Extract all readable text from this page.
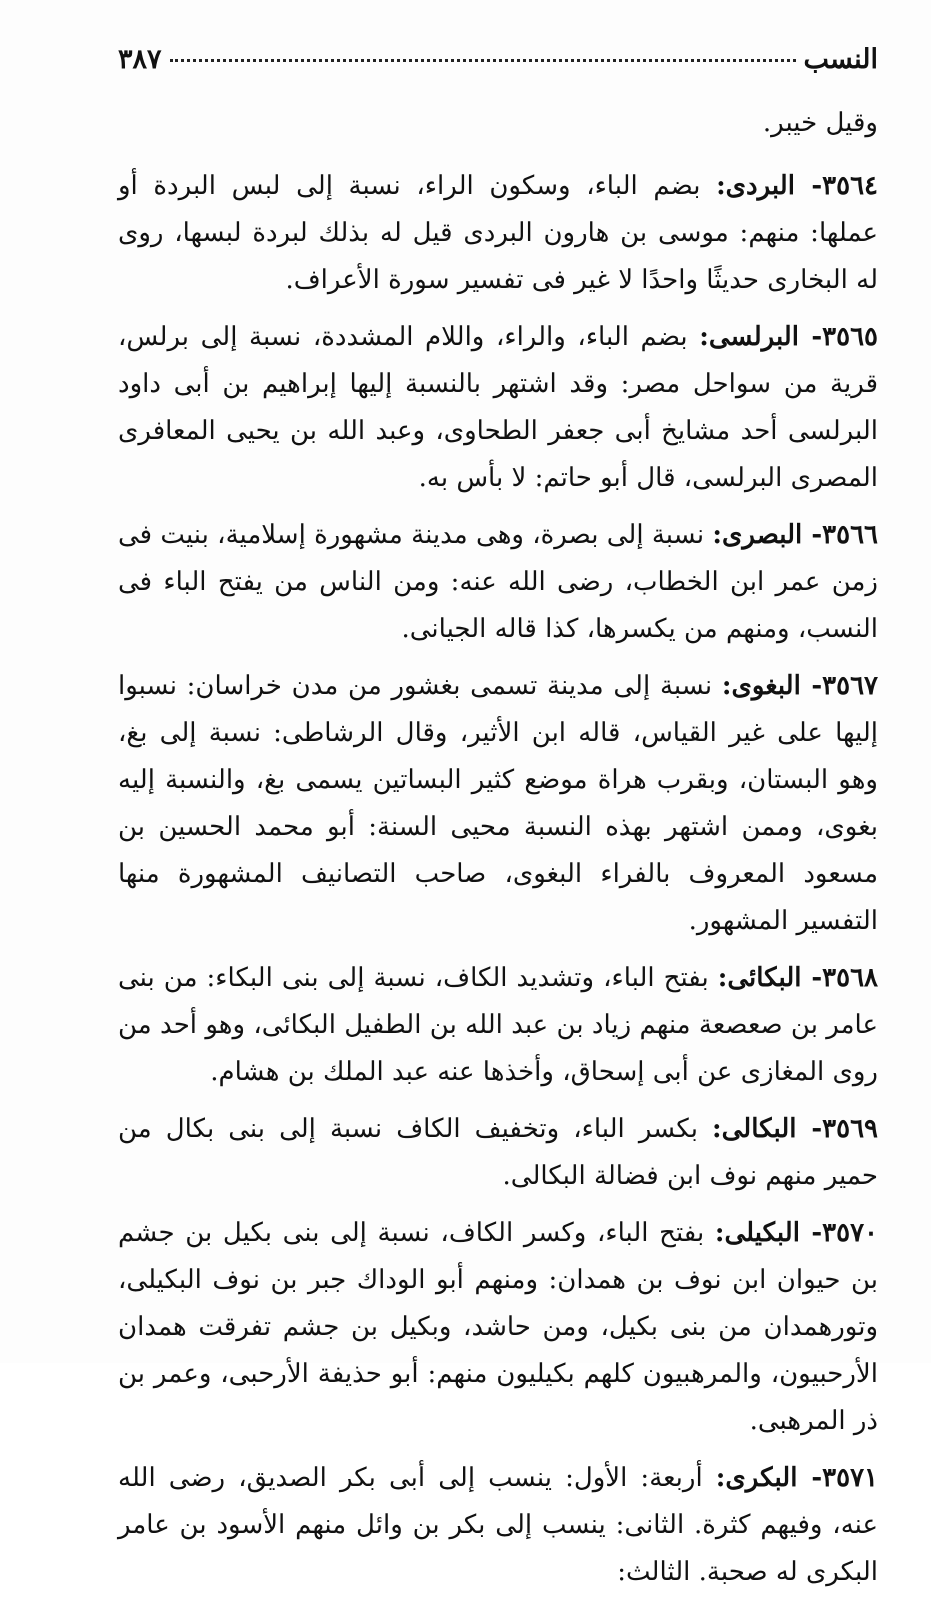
النسب
٣٨٧

وقيل خيبر.

٣٥٦٤- البردى: بضم الباء، وسكون الراء، نسبة إلى لبس البردة أو عملها: منهم: موسى بن هارون البردى قيل له بذلك لبردة لبسها، روى له البخارى حديثًا واحدًا لا غير فى تفسير سورة الأعراف.

٣٥٦٥- البرلسى: بضم الباء، والراء، واللام المشددة، نسبة إلى برلس، قرية من سواحل مصر: وقد اشتهر بالنسبة إليها إبراهيم بن أبى داود البرلسى أحد مشايخ أبى جعفر الطحاوى، وعبد الله بن يحيى المعافرى المصرى البرلسى، قال أبو حاتم: لا بأس به.

٣٥٦٦- البصرى: نسبة إلى بصرة، وهى مدينة مشهورة إسلامية، بنيت فى زمن عمر ابن الخطاب، رضى الله عنه: ومن الناس من يفتح الباء فى النسب، ومنهم من يكسرها، كذا قاله الجيانى.

٣٥٦٧- البغوى: نسبة إلى مدينة تسمى بغشور من مدن خراسان: نسبوا إليها على غير القياس، قاله ابن الأثير، وقال الرشاطى: نسبة إلى بغ، وهو البستان، وبقرب هراة موضع كثير البساتين يسمى بغ، والنسبة إليه بغوى، وممن اشتهر بهذه النسبة محيى السنة: أبو محمد الحسين بن مسعود المعروف بالفراء البغوى، صاحب التصانيف المشهورة منها التفسير المشهور.

٣٥٦٨- البكائى: بفتح الباء، وتشديد الكاف، نسبة إلى بنى البكاء: من بنى عامر بن صعصعة منهم زياد بن عبد الله بن الطفيل البكائى، وهو أحد من روى المغازى عن أبى إسحاق، وأخذها عنه عبد الملك بن هشام.

٣٥٦٩- البكالى: بكسر الباء، وتخفيف الكاف نسبة إلى بنى بكال من حمير منهم نوف ابن فضالة البكالى.

٣٥٧٠- البكيلى: بفتح الباء، وكسر الكاف، نسبة إلى بنى بكيل بن جشم بن حيوان ابن نوف بن همدان: ومنهم أبو الوداك جبر بن نوف البكيلى، وتورهمدان من بنى بكيل، ومن حاشد، وبكيل بن جشم تفرقت همدان الأرحبيون، والمرهبيون كلهم بكيليون منهم: أبو حذيفة الأرحبى، وعمر بن ذر المرهبى.

٣٥٧١- البكرى: أربعة: الأول: ينسب إلى أبى بكر الصديق، رضى الله عنه، وفيهم كثرة. الثانى: ينسب إلى بكر بن وائل منهم الأسود بن عامر البكرى له صحبة. الثالث:
